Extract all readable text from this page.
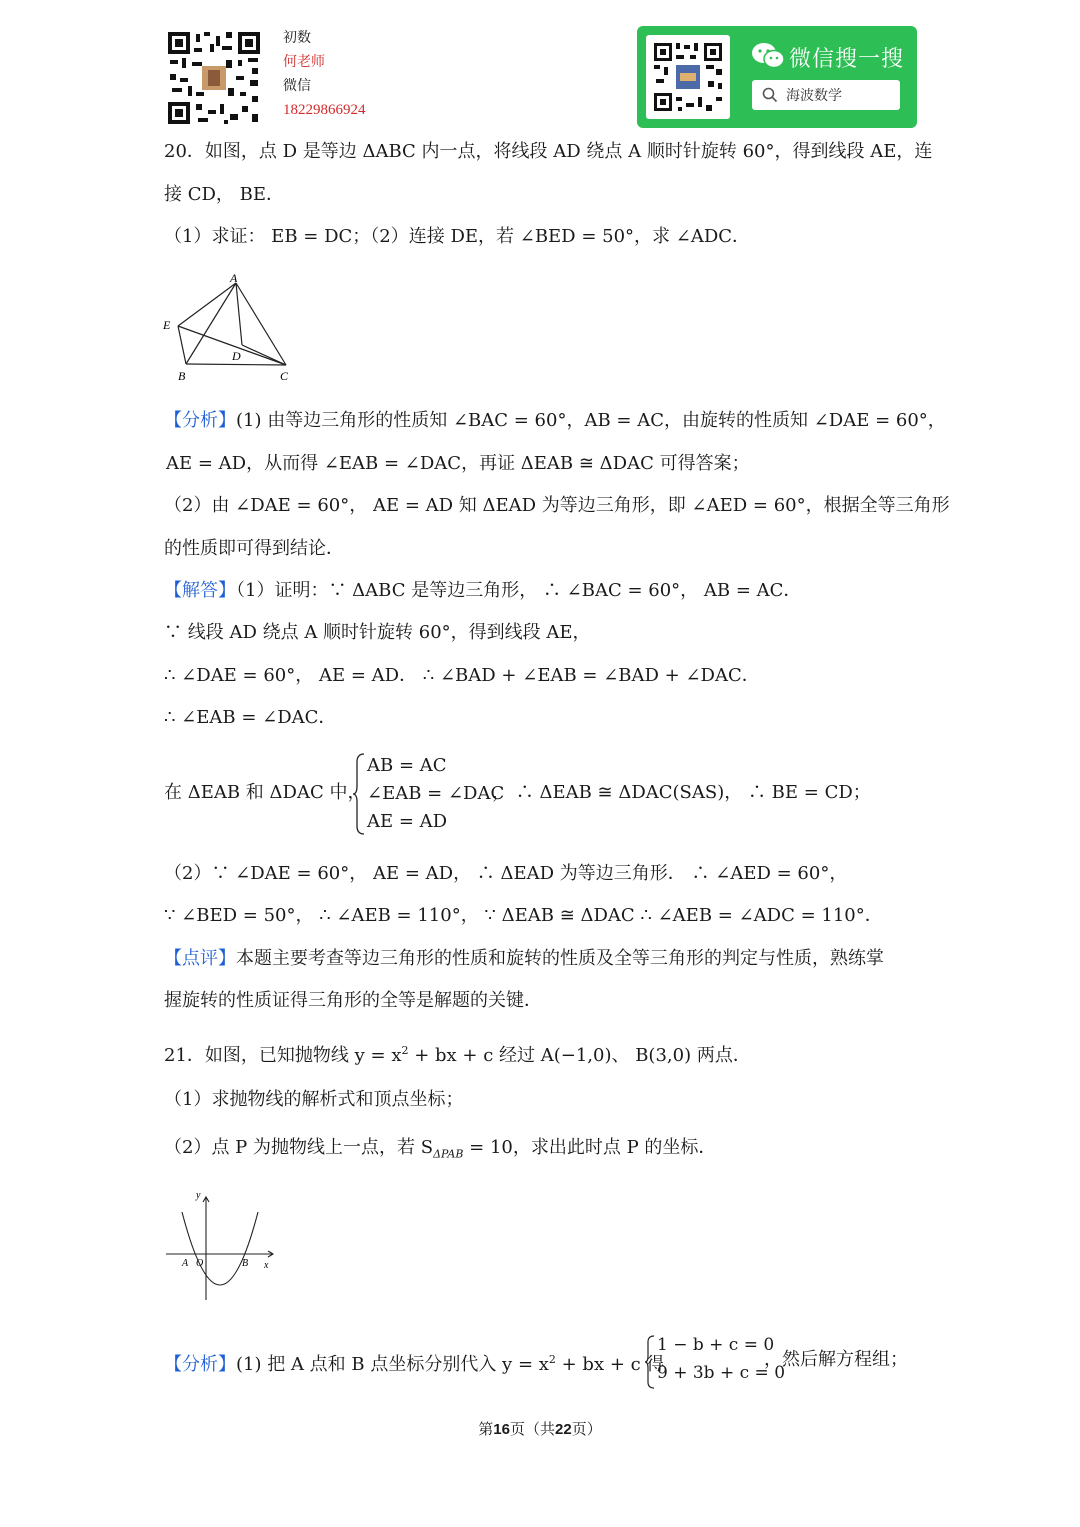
初数
何老师
微信
18229866924
微信搜一搜
海波数学
20．如图，点 D 是等边 ΔABC 内一点，将线段 AD 绕点 A 顺时针旋转 60°，得到线段 AE，连
接 CD， BE．
（1）求证： EB = DC；（2）连接 DE，若 ∠BED = 50°，求 ∠ADC．
A
E
D
B	C
【分析】(1) 由等边三角形的性质知 ∠BAC = 60°，AB = AC，由旋转的性质知 ∠DAE = 60°，
AE = AD，从而得 ∠EAB = ∠DAC，再证 ΔEAB ≅ ΔDAC 可得答案；
（2）由 ∠DAE = 60°， AE = AD 知 ΔEAD 为等边三角形，即 ∠AED = 60°，根据全等三角形
的性质即可得到结论．
【解答】（1）证明：∵ ΔABC 是等边三角形， ∴ ∠BAC = 60°， AB = AC．
∵ 线段 AD 绕点 A 顺时针旋转 60°，得到线段 AE，
∴ ∠DAE = 60°， AE = AD． ∴ ∠BAD + ∠EAB = ∠BAD + ∠DAC．
∴ ∠EAB = ∠DAC．
在 ΔEAB 和 ΔDAC 中，
AB = AC
∠EAB = ∠DAC
AE = AD
， ∴ ΔEAB ≅ ΔDAC(SAS)， ∴ BE = CD；
（2）∵ ∠DAE = 60°， AE = AD， ∴ ΔEAD 为等边三角形． ∴ ∠AED = 60°，
∵ ∠BED = 50°， ∴ ∠AEB = 110°， ∵ ΔEAB ≅ ΔDAC ∴ ∠AEB = ∠ADC = 110°．
【点评】本题主要考查等边三角形的性质和旋转的性质及全等三角形的判定与性质，熟练掌
握旋转的性质证得三角形的全等是解题的关键．
21．如图，已知抛物线 $y = x^2$ + bx + c 经过 A(−1,0)、 B(3,0) 两点．
（1）求抛物线的解析式和顶点坐标；
（2）点 P 为抛物线上一点，若 $S_{\Delta PAB} = 10$，求出此时点 P 的坐标．
y
x
A O	B
【分析】(1) 把 A 点和 B 点坐标分别代入 $y = x^2$ + bx + c 得
1 − b + c = 0
9 + 3b + c = 0
，然后解方程组；
第16页（共22页）
